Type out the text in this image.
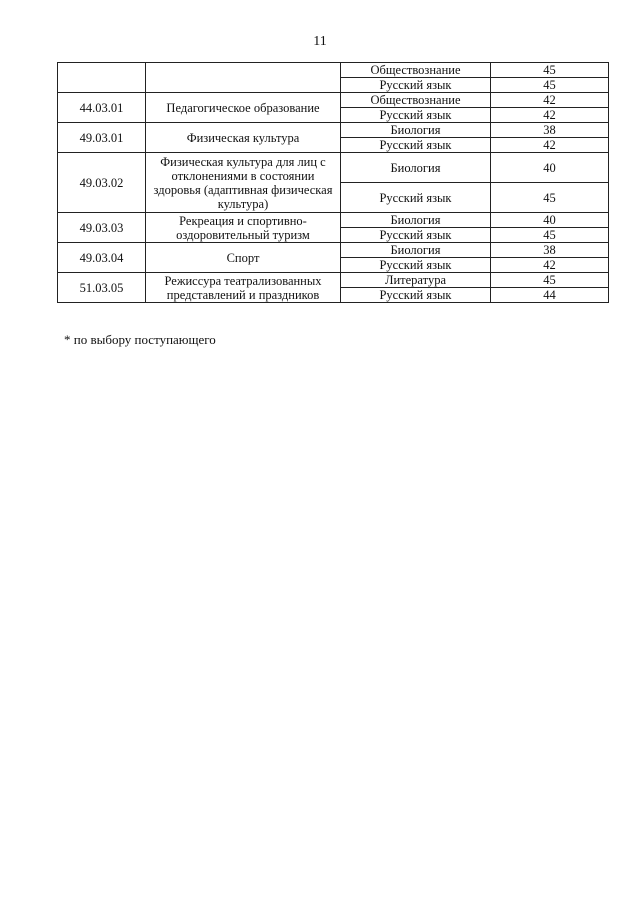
11
		Обществознание	45
		Русский язык	45
44.03.01	Педагогическое образование	Обществознание	42
		Русский язык	42
49.03.01	Физическая культура	Биология	38
		Русский язык	42
49.03.02	Физическая культура для лиц с отклонениями в состоянии здоровья (адаптивная физическая культура)	Биология	40
		Русский язык	45
49.03.03	Рекреация и спортивно-оздоровительный туризм	Биология	40
		Русский язык	45
49.03.04	Спорт	Биология	38
		Русский язык	42
51.03.05	Режиссура театрализованных представлений и праздников	Литература	45
		Русский язык	44
* по выбору поступающего
